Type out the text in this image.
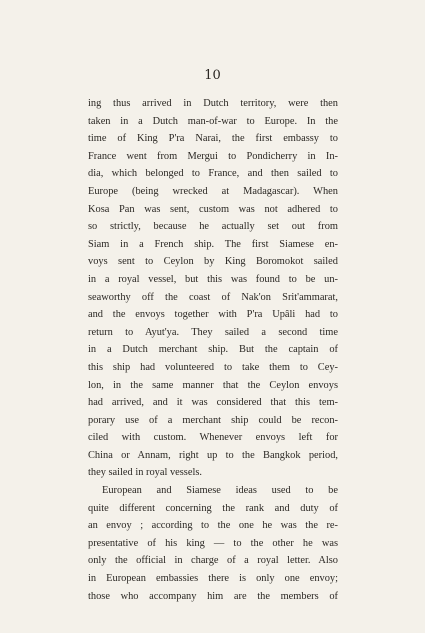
10
ing thus arrived in Dutch territory, were then
taken in a Dutch man-of-war to Europe. In the
time of King P'ra Narai, the first embassy to
France went from Mergui to Pondicherry in In-
dia, which belonged to France, and then sailed to
Europe (being wrecked at Madagascar). When
Kosa Pan was sent, custom was not adhered to
so strictly, because he actually set out from
Siam in a French ship. The first Siamese en-
voys sent to Ceylon by King Boromokot sailed
in a royal vessel, but this was found to be un-
seaworthy off the coast of Nak'on Srit'ammarat,
and the envoys together with P'ra Upâli had to
return to Ayut'ya. They sailed a second time
in a Dutch merchant ship. But the captain of
this ship had volunteered to take them to Cey-
lon, in the same manner that the Ceylon envoys
had arrived, and it was considered that this tem-
porary use of a merchant ship could be recon-
ciled with custom. Whenever envoys left for
China or Annam, right up to the Bangkok period,
they sailed in royal vessels.
European and Siamese ideas used to be
quite different concerning the rank and duty of
an envoy ; according to the one he was the re-
presentative of his king — to the other he was
only the official in charge of a royal letter. Also
in European embassies there is only one envoy;
those who accompany him are the members of
